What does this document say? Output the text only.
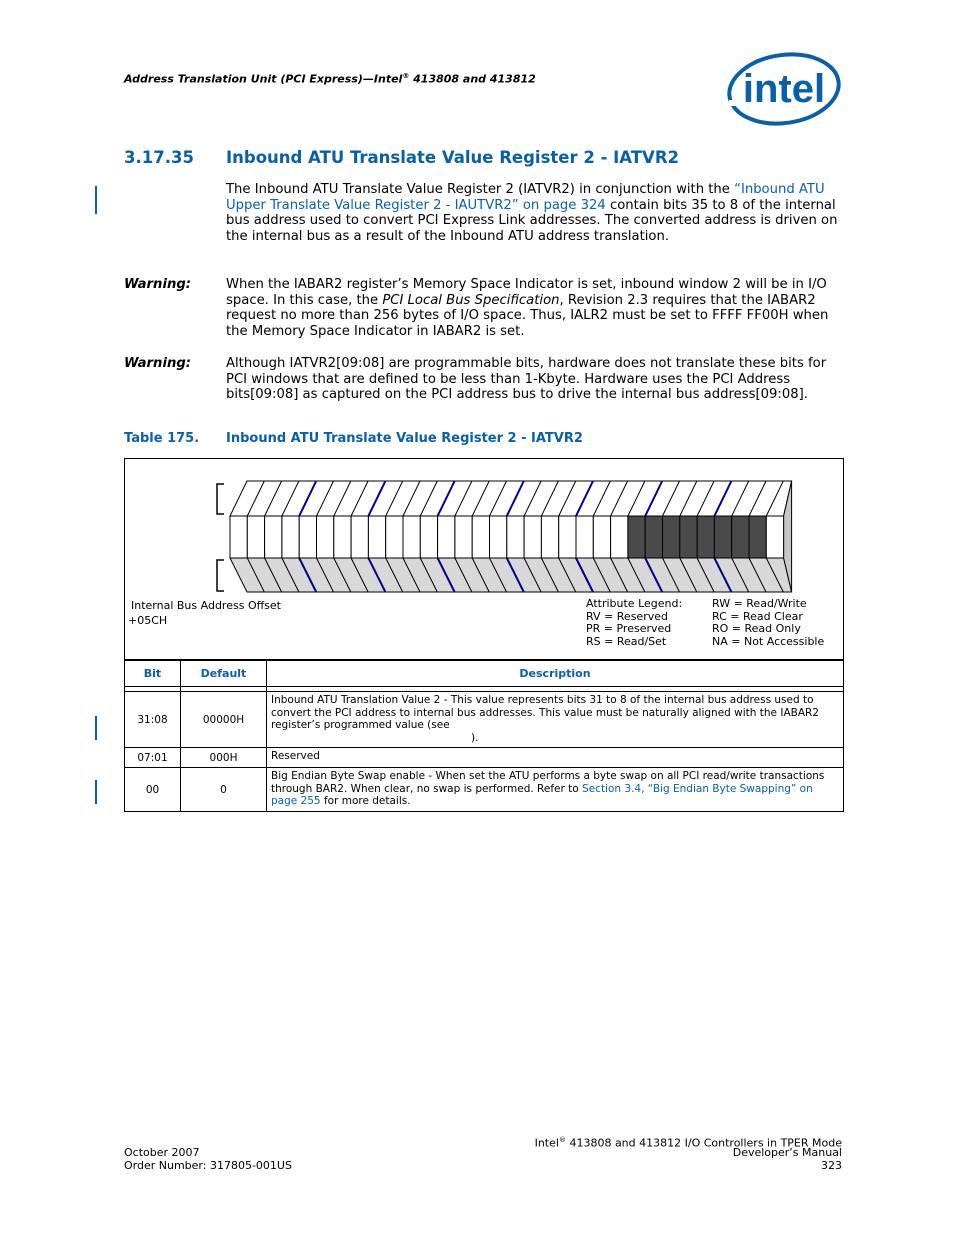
Address Translation Unit (PCI Express)—Intel® 413808 and 413812	intel
3.17.35 Inbound ATU Translate Value Register 2 - IATVR2
The Inbound ATU Translate Value Register 2 (IATVR2) in conjunction with the “Inbound ATU Upper Translate Value Register 2 - IAUTVR2” on page 324 contain bits 35 to 8 of the internal bus address used to convert PCI Express Link addresses. The converted address is driven on the internal bus as a result of the Inbound ATU address translation.
Warning:	When the IABAR2 register’s Memory Space Indicator is set, inbound window 2 will be in I/O space. In this case, the PCI Local Bus Specification, Revision 2.3 requires that the IABAR2 request no more than 256 bytes of I/O space. Thus, IALR2 must be set to FFFF FF00H when the Memory Space Indicator in IABAR2 is set.
Warning:	Although IATVR2[09:08] are programmable bits, hardware does not translate these bits for PCI windows that are defined to be less than 1-Kbyte. Hardware uses the PCI Address bits[09:08] as captured on the PCI address bus to drive the internal bus address[09:08].
Table 175. Inbound ATU Translate Value Register 2 - IATVR2
Internal Bus Address Offset
+05CH
Attribute Legend:
RV = Reserved
PR = Preserved
RS = Read/Set
RW = Read/Write
RC = Read Clear
RO = Read Only
NA = Not Accessible
Bit	Default	Description

31:08	00000H	Inbound ATU Translation Value 2 - This value represents bits 31 to 8 of the internal bus address used to convert the PCI address to internal bus addresses. This value must be naturally aligned with the IABAR2 register’s programmed value (see
).
07:01	000H	Reserved
00	0	Big Endian Byte Swap enable - When set the ATU performs a byte swap on all PCI read/write transactions through BAR2. When clear, no swap is performed. Refer to Section 3.4, “Big Endian Byte Swapping” on page 255 for more details.
October 2007
Order Number: 317805-001US
Intel® 413808 and 413812 I/O Controllers in TPER Mode
Developer’s Manual
323
